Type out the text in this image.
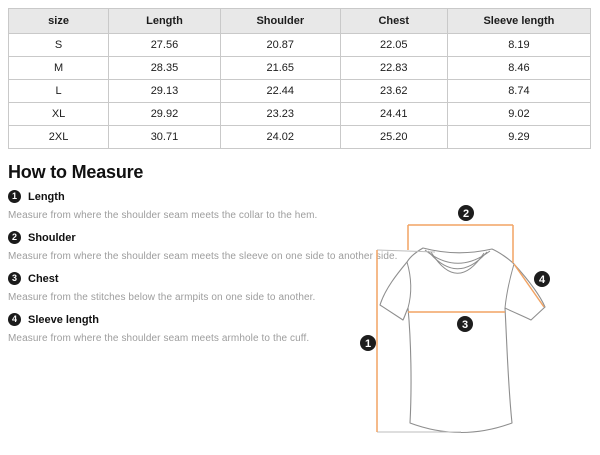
size	Length	Shoulder	Chest	Sleeve length
S	27.56	20.87	22.05	8.19
M	28.35	21.65	22.83	8.46
L	29.13	22.44	23.62	8.74
XL	29.92	23.23	24.41	9.02
2XL	30.71	24.02	25.20	9.29
How to Measure
1	Length

Measure from where the shoulder seam meets the collar to the hem.

2	Shoulder

Measure from where the shoulder seam meets the sleeve on one side to another side.

3	Chest

Measure from the stitches below the armpits on one side to another.

4	Sleeve length

Measure from where the shoulder seam meets armhole to the cuff.	1
2
3
4
